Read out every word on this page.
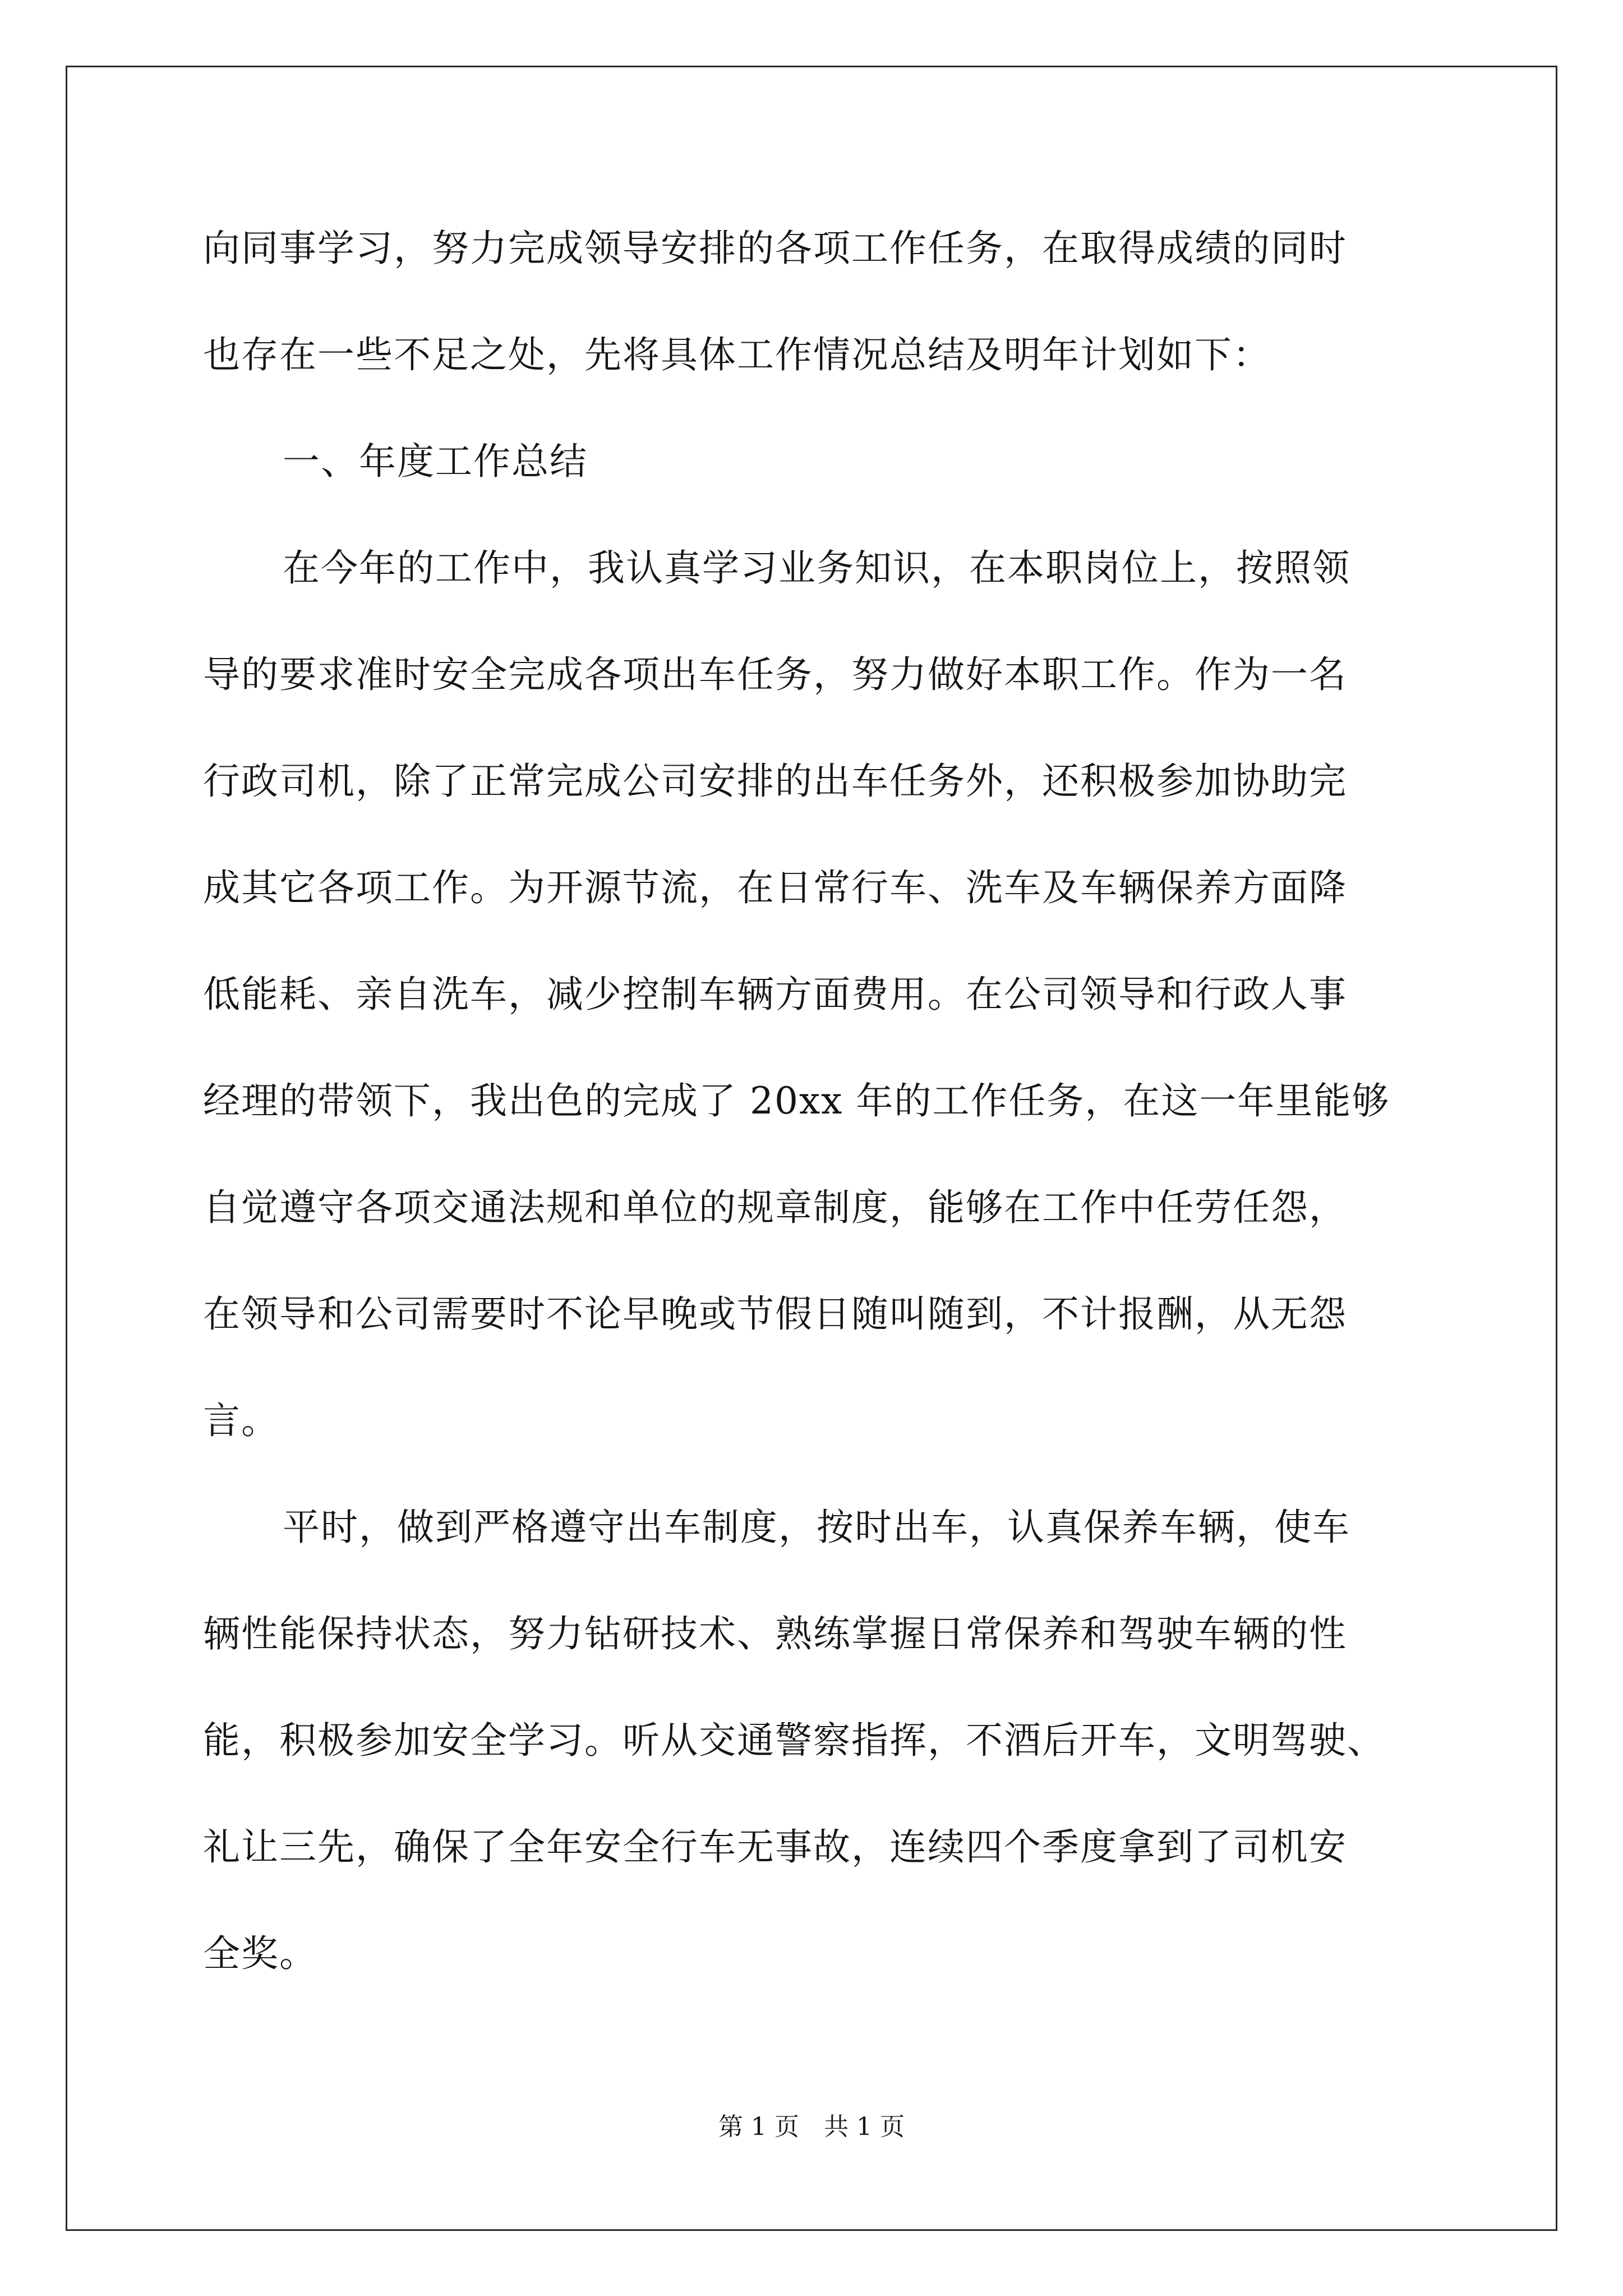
向同事学习，努力完成领导安排的各项工作任务，在取得成绩的同时
也存在一些不足之处，先将具体工作情况总结及明年计划如下：
一、年度工作总结
在今年的工作中，我认真学习业务知识，在本职岗位上，按照领
导的要求准时安全完成各项出车任务，努力做好本职工作。作为一名
行政司机，除了正常完成公司安排的出车任务外，还积极参加协助完
成其它各项工作。为开源节流，在日常行车、洗车及车辆保养方面降
低能耗、亲自洗车，减少控制车辆方面费用。在公司领导和行政人事
经理的带领下，我出色的完成了 20xx 年的工作任务，在这一年里能够
自觉遵守各项交通法规和单位的规章制度，能够在工作中任劳任怨，
在领导和公司需要时不论早晚或节假日随叫随到，不计报酬，从无怨
言。
平时，做到严格遵守出车制度，按时出车，认真保养车辆，使车
辆性能保持状态，努力钻研技术、熟练掌握日常保养和驾驶车辆的性
能，积极参加安全学习。听从交通警察指挥，不酒后开车，文明驾驶、
礼让三先，确保了全年安全行车无事故，连续四个季度拿到了司机安
全奖。
第 1 页　共 1 页
